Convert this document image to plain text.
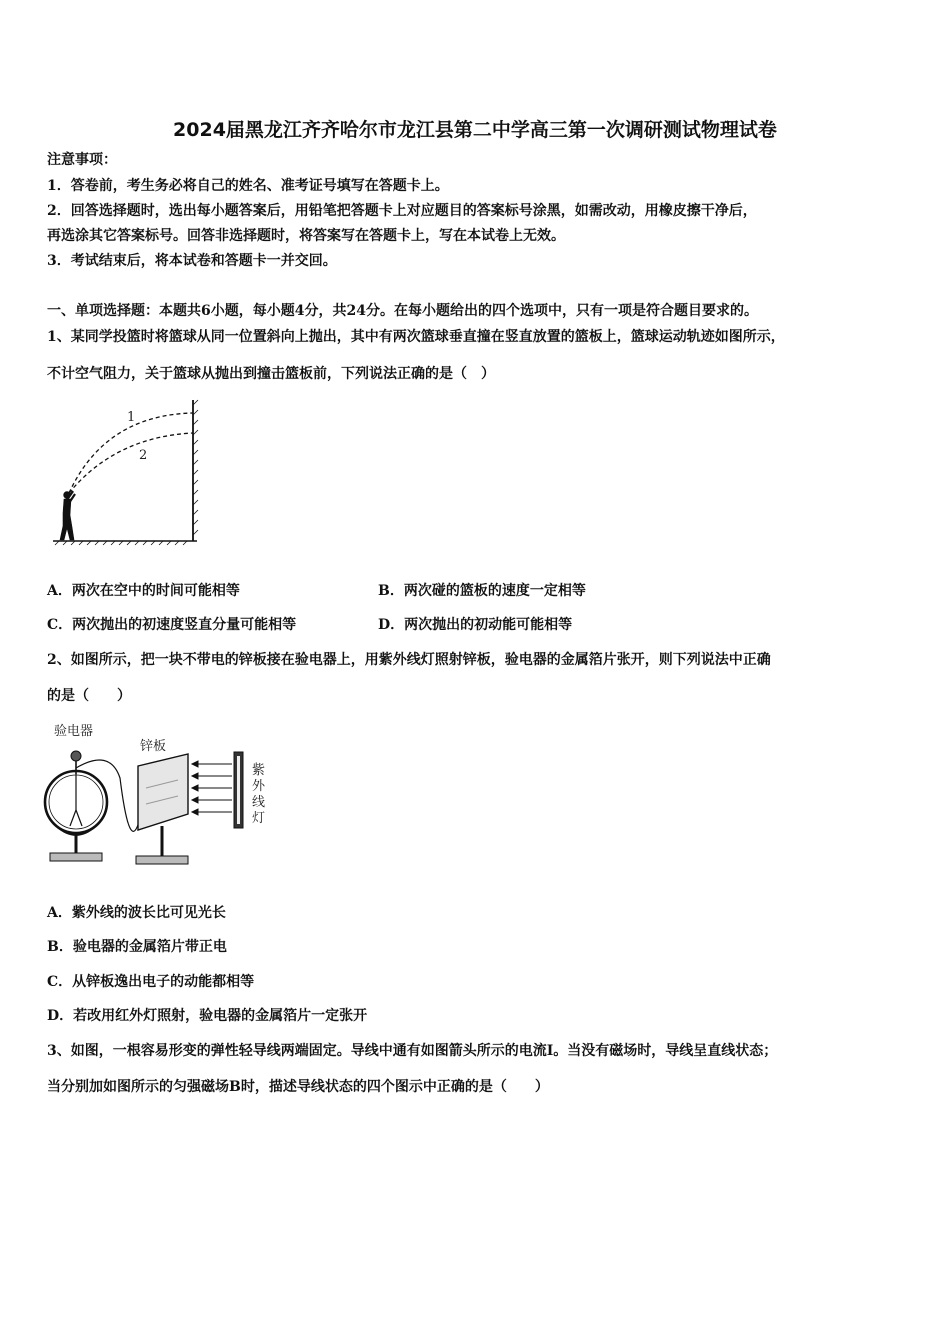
2024届黑龙江齐齐哈尔市龙江县第二中学高三第一次调研测试物理试卷
注意事项：
1．答卷前，考生务必将自己的姓名、准考证号填写在答题卡上。
2．回答选择题时，选出每小题答案后，用铅笔把答题卡上对应题目的答案标号涂黑，如需改动，用橡皮擦干净后，
再选涂其它答案标号。回答非选择题时，将答案写在答题卡上，写在本试卷上无效。
3．考试结束后，将本试卷和答题卡一并交回。
一、单项选择题：本题共6小题，每小题4分，共24分。在每小题给出的四个选项中，只有一项是符合题目要求的。
1、某同学投篮时将篮球从同一位置斜向上抛出，其中有两次篮球垂直撞在竖直放置的篮板上，篮球运动轨迹如图所示，
不计空气阻力，关于篮球从抛出到撞击篮板前，下列说法正确的是（　）
1
2
A．两次在空中的时间可能相等	B．两次碰的篮板的速度一定相等
C．两次抛出的初速度竖直分量可能相等	D．两次抛出的初动能可能相等
2、如图所示，把一块不带电的锌板接在验电器上，用紫外线灯照射锌板，验电器的金属箔片张开，则下列说法中正确
的是（　　）
验电器
锌板
紫
外
线
灯
A．紫外线的波长比可见光长
B．验电器的金属箔片带正电
C．从锌板逸出电子的动能都相等
D．若改用红外灯照射，验电器的金属箔片一定张开
3、如图，一根容易形变的弹性轻导线两端固定。导线中通有如图箭头所示的电流I。当没有磁场时，导线呈直线状态；
当分别加如图所示的匀强磁场B时，描述导线状态的四个图示中正确的是（　　）
